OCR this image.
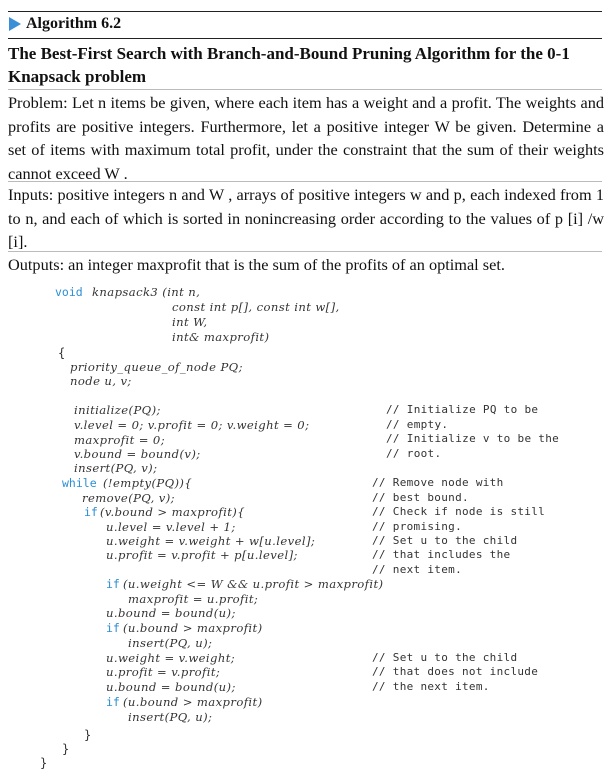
Algorithm 6.2
The Best-First Search with Branch-and-Bound Pruning Algorithm for the 0-1 Knapsack problem
Problem: Let n items be given, where each item has a weight and a profit. The weights and profits are positive integers. Furthermore, let a positive integer W be given. Determine a set of items with maximum total profit, under the constraint that the sum of their weights cannot exceed W .
Inputs: positive integers n and W , arrays of positive integers w and p, each indexed from 1 to n, and each of which is sorted in nonincreasing order according to the values of p [i] /w [i].
Outputs: an integer maxprofit that is the sum of the profits of an optimal set.
void knapsack3 (int n,
const int p[], const int w[],
int W,
int& maxprofit)
{
priority_queue_of_node PQ;
node u, v;
initialize(PQ);
v.level = 0; v.profit = 0; v.weight = 0;
maxprofit = 0;
v.bound = bound(v);
insert(PQ, v);
while (!empty(PQ)){
remove(PQ, v);
if (v.bound > maxprofit){
u.level = v.level + 1;
u.weight = v.weight + w[u.level];
u.profit = v.profit + p[u.level];
if (u.weight <= W && u.profit > maxprofit)
maxprofit = u.profit;
u.bound = bound(u);
if (u.bound > maxprofit)
insert(PQ, u);
u.weight = v.weight;
u.profit = v.profit;
u.bound = bound(u);
if (u.bound > maxprofit)
insert(PQ, u);
}
}
}
// Initialize PQ to be
// empty.
// Initialize v to be the
// root.
// Remove node with
// best bound.
// Check if node is still
// promising.
// Set u to the child
// that includes the
// next item.
// Set u to the child
// that does not include
// the next item.
